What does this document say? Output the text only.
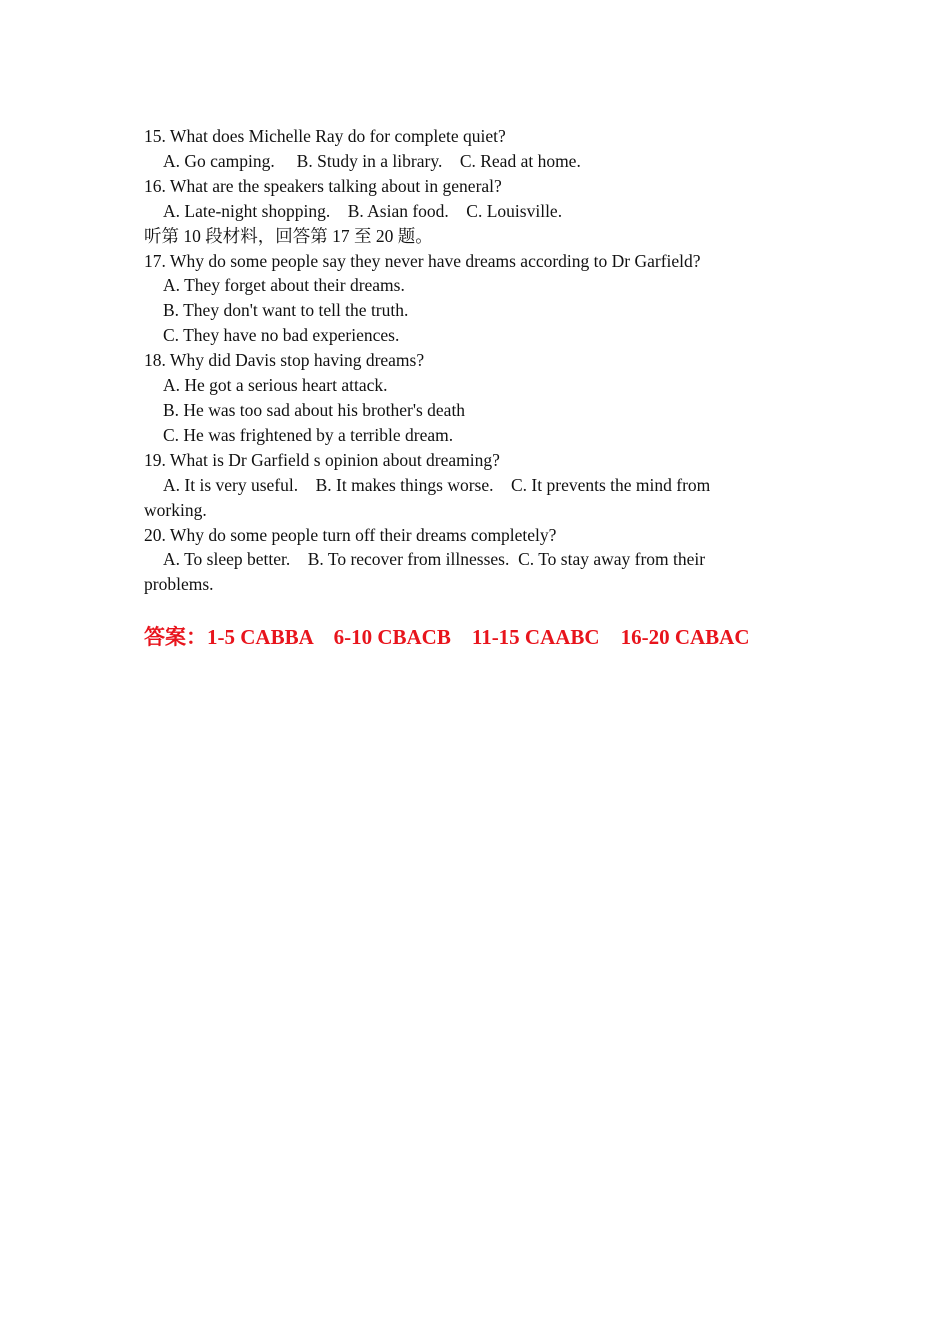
15. What does Michelle Ray do for complete quiet?

A. Go camping.     B. Study in a library.    C. Read at home.

16. What are the speakers talking about in general?

A. Late-night shopping.    B. Asian food.    C. Louisville.

听第 10 段材料，回答第 17 至 20 题。

17. Why do some people say they never have dreams according to Dr Garfield?

A. They forget about their dreams.

B. They don't want to tell the truth.

C. They have no bad experiences.

18. Why did Davis stop having dreams?

A. He got a serious heart attack.

B. He was too sad about his brother's death

C. He was frightened by a terrible dream.

19. What is Dr Garfield s opinion about dreaming?

A. It is very useful.    B. It makes things worse.    C. It prevents the mind from

working.

20. Why do some people turn off their dreams completely?

A. To sleep better.    B. To recover from illnesses.  C. To stay away from their

problems.

答案：1-5 CABBA    6-10 CBACB    11-15 CAABC    16-20 CABAC
